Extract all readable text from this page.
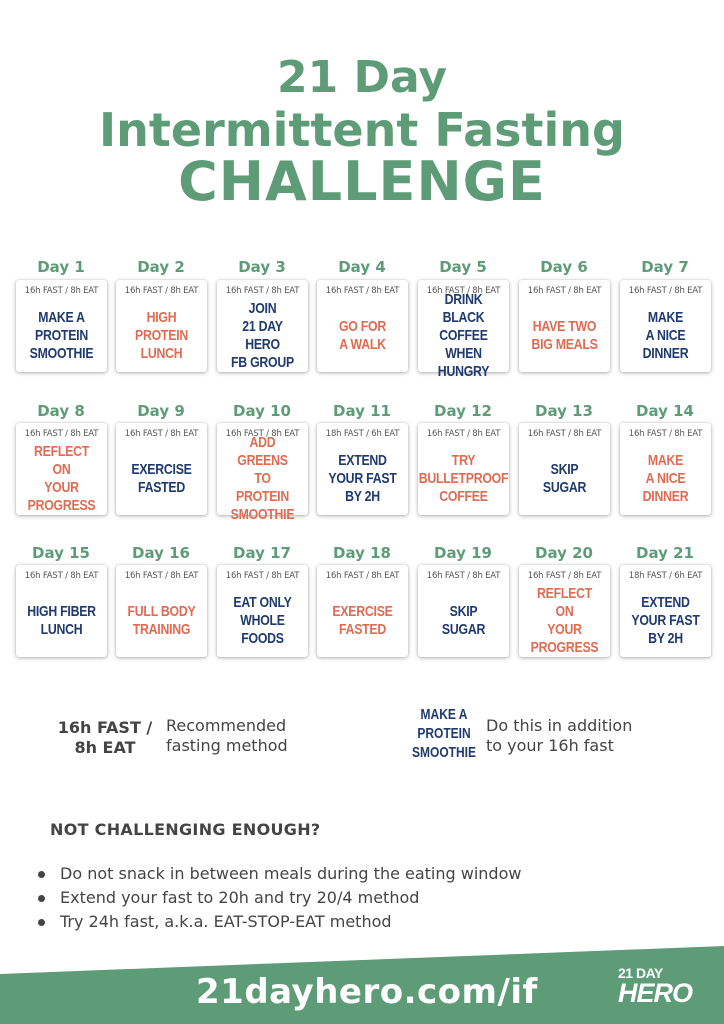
21 Day
Intermittent Fasting
CHALLENGE
Day 1
16h FAST / 8h EAT
MAKE A
PROTEIN
SMOOTHIE
Day 2
16h FAST / 8h EAT
HIGH
PROTEIN
LUNCH
Day 3
16h FAST / 8h EAT
JOIN
21 DAY HERO
FB GROUP
Day 4
16h FAST / 8h EAT
GO FOR
A WALK
Day 5
16h FAST / 8h EAT
DRINK BLACK
COFFEE WHEN
HUNGRY
Day 6
16h FAST / 8h EAT
HAVE TWO
BIG MEALS
Day 7
16h FAST / 8h EAT
MAKE
A NICE
DINNER
Day 8
16h FAST / 8h EAT
REFLECT ON
YOUR
PROGRESS
Day 9
16h FAST / 8h EAT
EXERCISE
FASTED
Day 10
16h FAST / 8h EAT
ADD GREENS
TO PROTEIN
SMOOTHIE
Day 11
18h FAST / 6h EAT
EXTEND
YOUR FAST
BY 2H
Day 12
16h FAST / 8h EAT
TRY
BULLETPROOF
COFFEE
Day 13
16h FAST / 8h EAT
SKIP
SUGAR
Day 14
16h FAST / 8h EAT
MAKE
A NICE
DINNER
Day 15
16h FAST / 8h EAT
HIGH FIBER
LUNCH
Day 16
16h FAST / 8h EAT
FULL BODY
TRAINING
Day 17
16h FAST / 8h EAT
EAT ONLY
WHOLE FOODS
Day 18
16h FAST / 8h EAT
EXERCISE
FASTED
Day 19
16h FAST / 8h EAT
SKIP
SUGAR
Day 20
16h FAST / 8h EAT
REFLECT ON
YOUR
PROGRESS
Day 21
18h FAST / 6h EAT
EXTEND
YOUR FAST
BY 2H
16h FAST /
8h EAT
Recommended
fasting method
MAKE A
PROTEIN
SMOOTHIE
Do this in addition
to your 16h fast
NOT CHALLENGING ENOUGH?
Do not snack in between meals during the eating window
Extend your fast to 20h and try 20/4 method
Try 24h fast, a.k.a. EAT-STOP-EAT method
21dayhero.com/if	21 DAY
HERO
